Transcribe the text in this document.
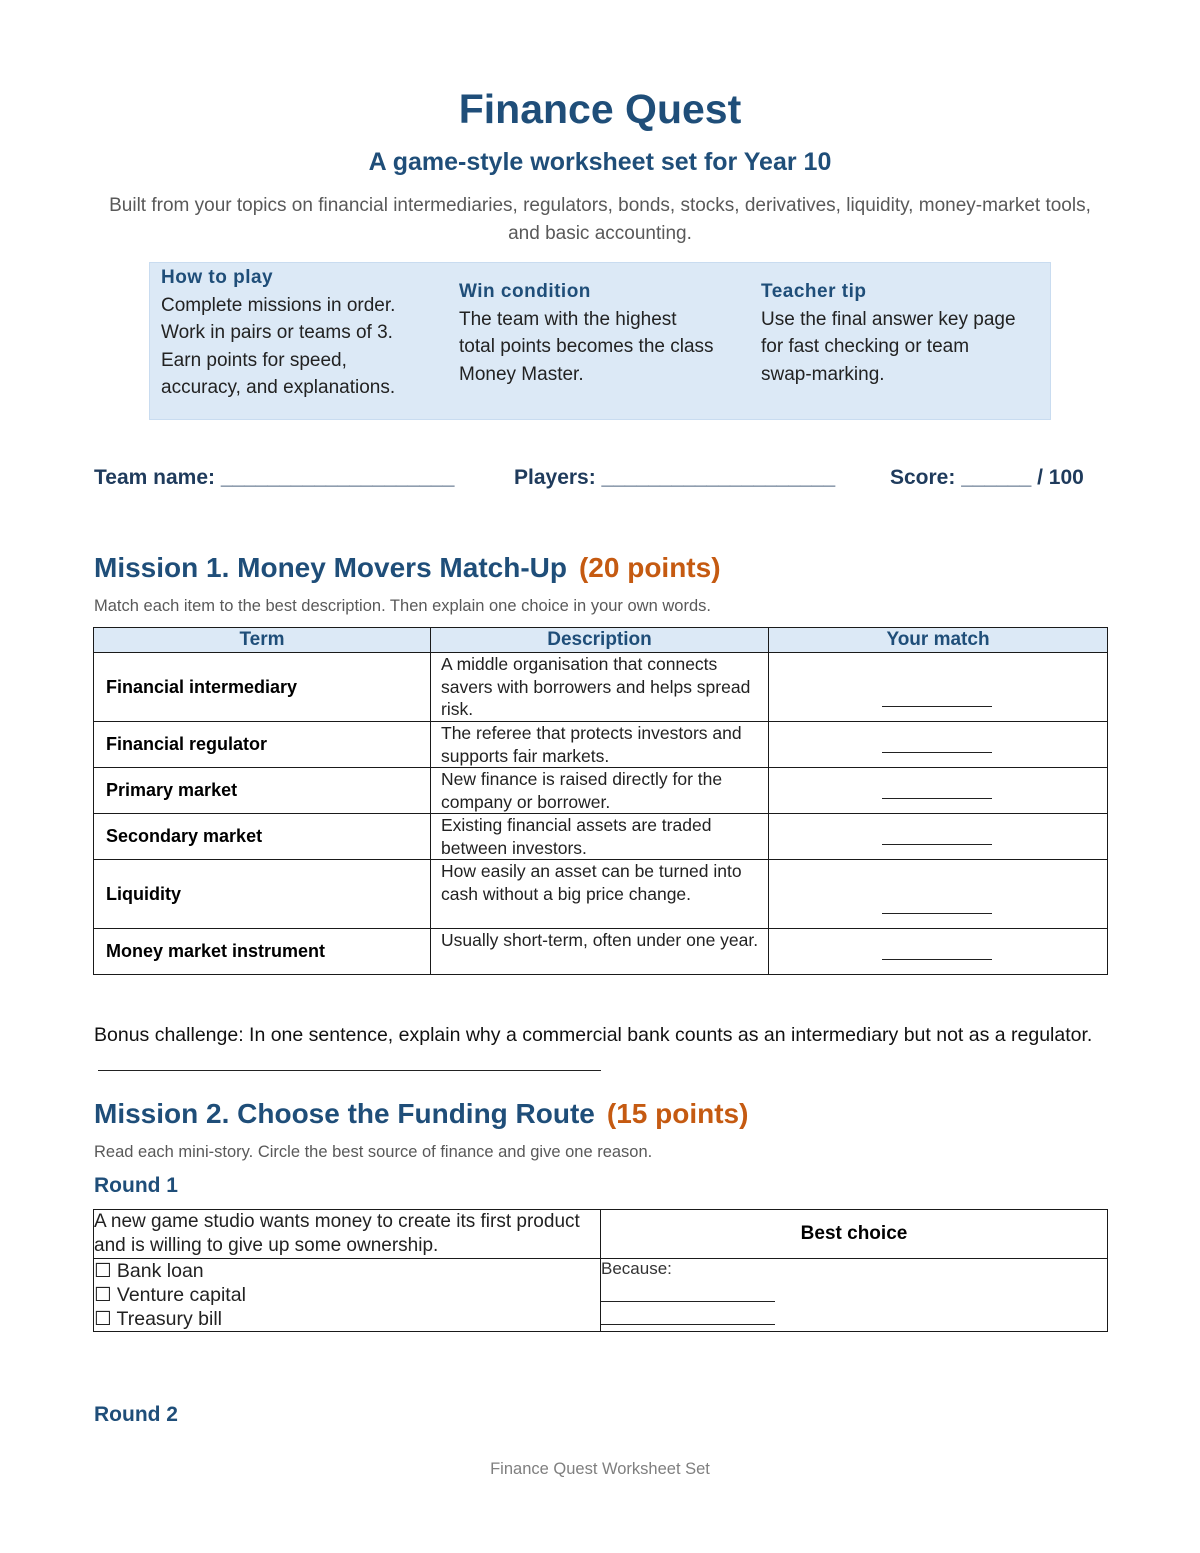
Finance Quest
A game-style worksheet set for Year 10
Built from your topics on financial intermediaries, regulators, bonds, stocks, derivatives, liquidity, money-market tools, and basic accounting.
How to play
Complete missions in order.
Work in pairs or teams of 3.
Earn points for speed,
accuracy, and explanations.
Win condition
The team with the highest
total points becomes the class
Money Master.
Teacher tip
Use the final answer key page
for fast checking or team
swap-marking.
Team name: ____________________	Players: ____________________	Score: ______ / 100
Mission 1. Money Movers Match-Up (20 points)
Match each item to the best description. Then explain one choice in your own words.
Term	Description	Your match
Financial intermediary	A middle organisation that connects savers with borrowers and helps spread risk.	

Financial regulator	The referee that protects investors and supports fair markets.	

Primary market	New finance is raised directly for the company or borrower.	

Secondary market	Existing financial assets are traded between investors.	

Liquidity	How easily an asset can be turned into cash without a big price change.	

Money market instrument	Usually short-term, often under one year.	
Bonus challenge: In one sentence, explain why a commercial bank counts as an intermediary but not as a regulator.
Mission 2. Choose the Funding Route (15 points)
Read each mini-story. Circle the best source of finance and give one reason.
Round 1
A new game studio wants money to create its first product and is willing to give up some ownership.	Best choice

☐ Bank loan
☐ Venture capital
☐ Treasury bill	Because:
Round 2
Finance Quest Worksheet Set
